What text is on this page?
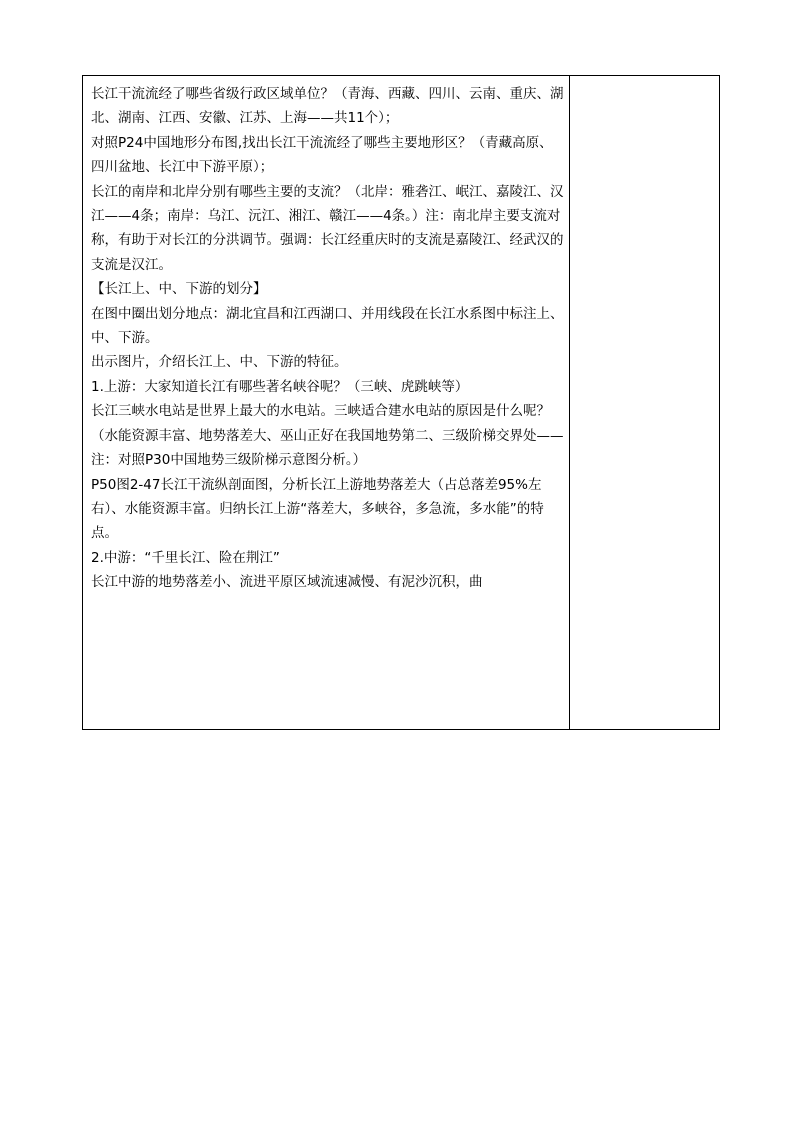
长江干流流经了哪些省级行政区域单位？（青海、西藏、四川、云南、重庆、湖北、湖南、江西、安徽、江苏、上海——共11个）；

对照P24中国地形分布图,找出长江干流流经了哪些主要地形区？（青藏高原、四川盆地、长江中下游平原）；

长江的南岸和北岸分别有哪些主要的支流？（北岸：雅砻江、岷江、嘉陵江、汉江——4条；南岸：乌江、沅江、湘江、赣江——4条。）注：南北岸主要支流对称，有助于对长江的分洪调节。强调：长江经重庆时的支流是嘉陵江、经武汉的支流是汉江。

【长江上、中、下游的划分】

在图中圈出划分地点：湖北宜昌和江西湖口、并用线段在长江水系图中标注上、中、下游。

出示图片，介绍长江上、中、下游的特征。

1.上游：大家知道长江有哪些著名峡谷呢？（三峡、虎跳峡等）

长江三峡水电站是世界上最大的水电站。三峡适合建水电站的原因是什么呢？（水能资源丰富、地势落差大、巫山正好在我国地势第二、三级阶梯交界处——注：对照P30中国地势三级阶梯示意图分析。）

P50图2-47长江干流纵剖面图，分析长江上游地势落差大（占总落差95%左右）、水能资源丰富。归纳长江上游“落差大，多峡谷，多急流，多水能”的特点。

2.中游：“千里长江、险在荆江”

长江中游的地势落差小、流进平原区域流速减慢、有泥沙沉积，曲
